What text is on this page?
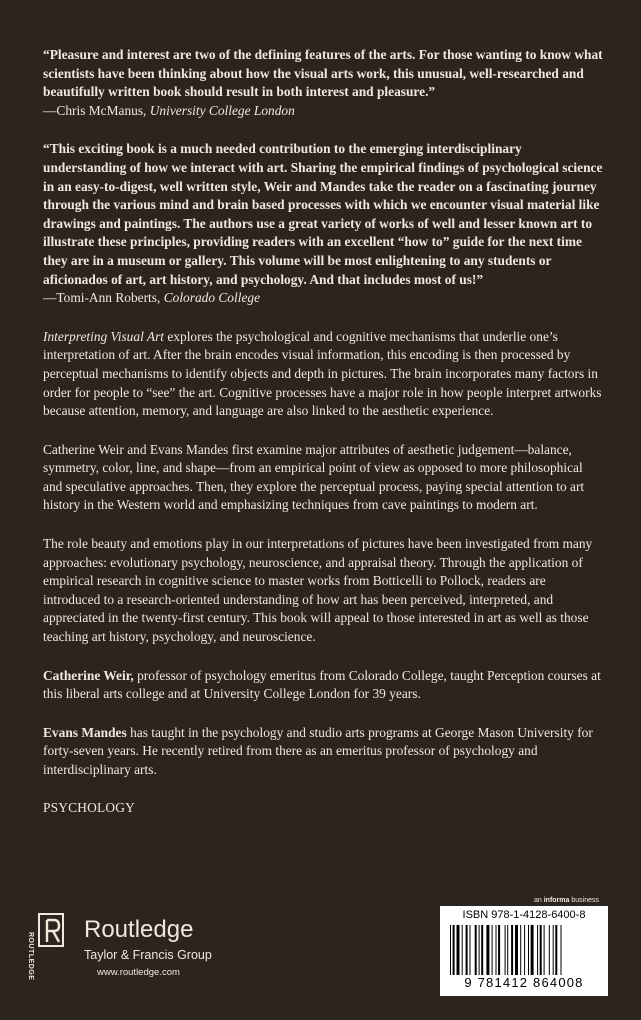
“Pleasure and interest are two of the defining features of the arts. For those wanting to know what scientists have been thinking about how the visual arts work, this unusual, well-researched and beautifully written book should result in both interest and pleasure.”

—Chris McManus, University College London

“This exciting book is a much needed contribution to the emerging interdisciplinary understanding of how we interact with art. Sharing the empirical findings of psychological science in an easy-to-digest, well written style, Weir and Mandes take the reader on a fascinating journey through the various mind and brain based processes with which we encounter visual material like drawings and paintings. The authors use a great variety of works of well and lesser known art to illustrate these principles, providing readers with an excellent “how to” guide for the next time they are in a museum or gallery. This volume will be most enlightening to any students or aficionados of art, art history, and psychology. And that includes most of us!”

—Tomi-Ann Roberts, Colorado College

Interpreting Visual Art explores the psychological and cognitive mechanisms that underlie one’s interpretation of art. After the brain encodes visual information, this encoding is then processed by perceptual mechanisms to identify objects and depth in pictures. The brain incorporates many factors in order for people to “see” the art. Cognitive processes have a major role in how people interpret artworks because attention, memory, and language are also linked to the aesthetic experience.

Catherine Weir and Evans Mandes first examine major attributes of aesthetic judgement—balance, symmetry, color, line, and shape—from an empirical point of view as opposed to more philosophical and speculative approaches. Then, they explore the perceptual process, paying special attention to art history in the Western world and emphasizing techniques from cave paintings to modern art.

The role beauty and emotions play in our interpretations of pictures have been investigated from many approaches: evolutionary psychology, neuroscience, and appraisal theory. Through the application of empirical research in cognitive science to master works from Botticelli to Pollock, readers are introduced to a research-oriented understanding of how art has been perceived, interpreted, and appreciated in the twenty-first century. This book will appeal to those interested in art as well as those teaching art history, psychology, and neuroscience.

Catherine Weir, professor of psychology emeritus from Colorado College, taught Perception courses at this liberal arts college and at University College London for 39 years.

Evans Mandes has taught in the psychology and studio arts programs at George Mason University for forty-seven years. He recently retired from there as an emeritus professor of psychology and interdisciplinary arts.

PSYCHOLOGY
ROUTLEDGE
Routledge
Taylor & Francis Group
www.routledge.com
an informa business
ISBN 978-1-4128-6400-8
9 781412 864008
